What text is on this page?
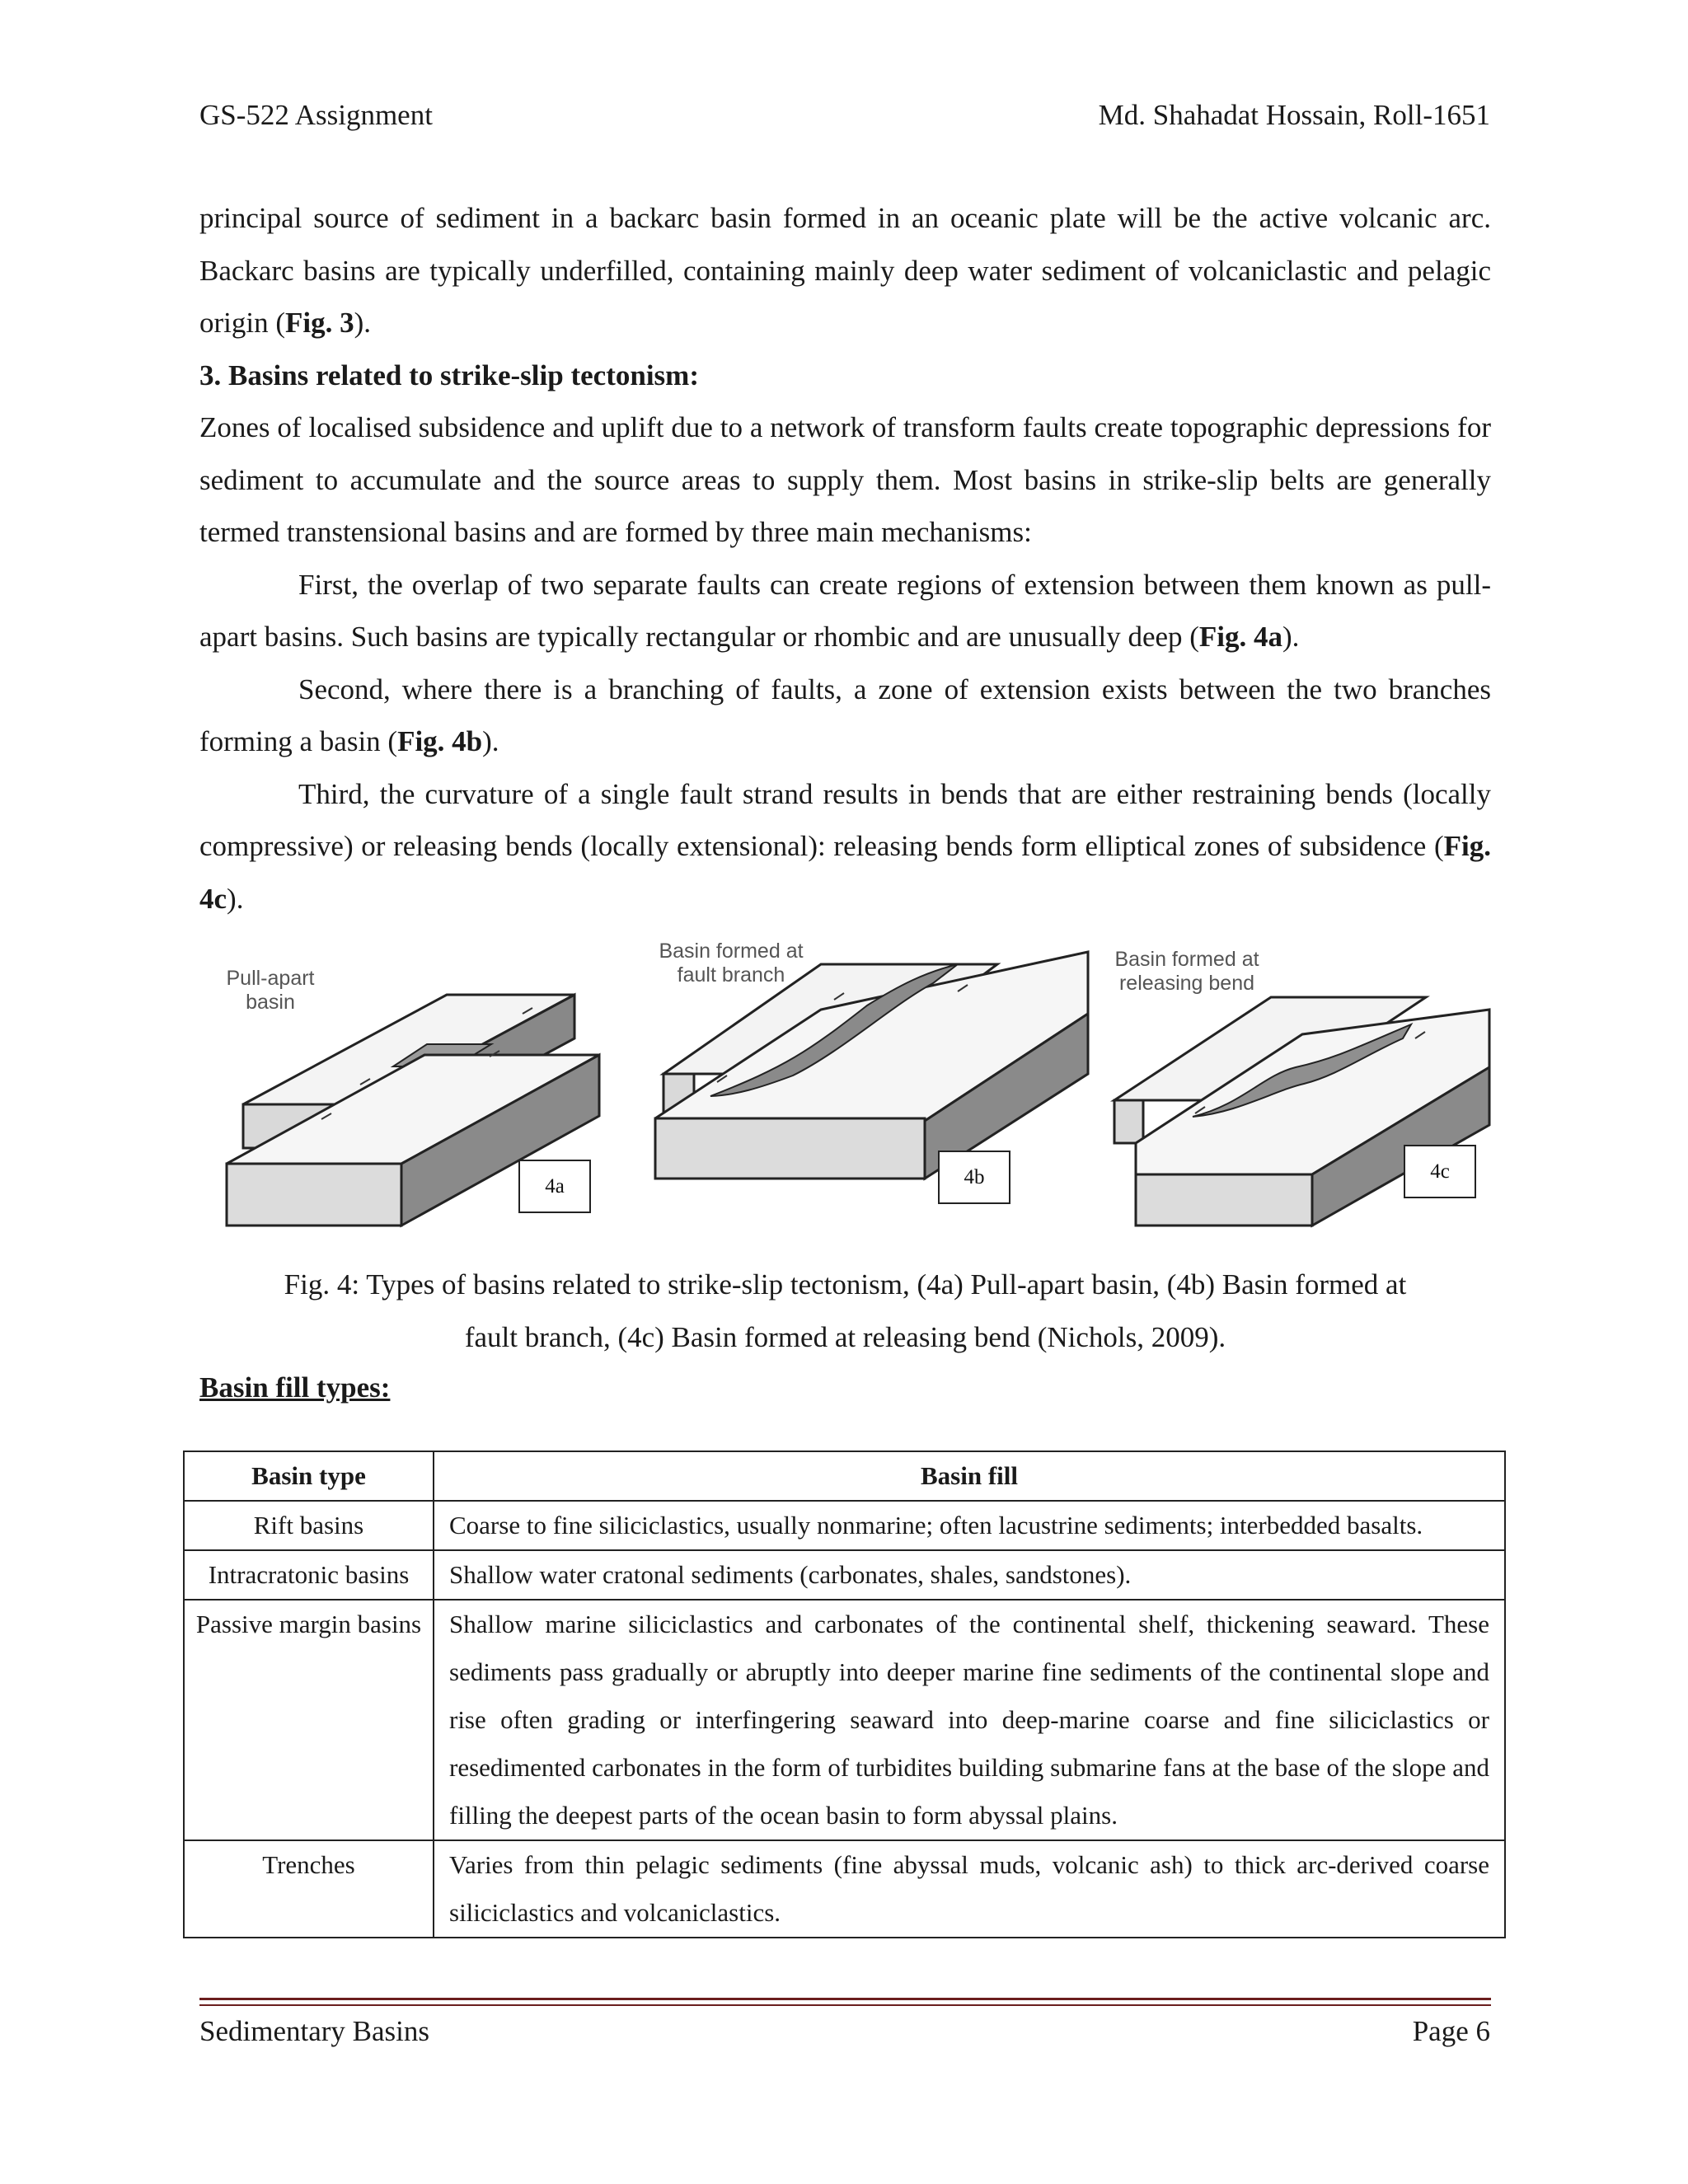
GS-522 Assignment	Md. Shahadat Hossain, Roll-1651

principal source of sediment in a backarc basin formed in an oceanic plate will be the active volcanic arc. Backarc basins are typically underfilled, containing mainly deep water sediment of volcaniclastic and pelagic origin (Fig. 3).

3. Basins related to strike-slip tectonism:

Zones of localised subsidence and uplift due to a network of transform faults create topographic depressions for sediment to accumulate and the source areas to supply them. Most basins in strike-slip belts are generally termed transtensional basins and are formed by three main mechanisms:

First, the overlap of two separate faults can create regions of extension between them known as pull-apart basins. Such basins are typically rectangular or rhombic and are unusually deep (Fig. 4a).

Second, where there is a branching of faults, a zone of extension exists between the two branches forming a basin (Fig. 4b).

Third, the curvature of a single fault strand results in bends that are either restraining bends (locally compressive) or releasing bends (locally extensional): releasing bends form elliptical zones of subsidence (Fig. 4c).

Pull-apart
basin
4a
Basin formed at
fault branch
4b
Basin formed at
releasing bend
4c
Fig. 4: Types of basins related to strike-slip tectonism, (4a) Pull-apart basin, (4b) Basin formed at
fault branch, (4c) Basin formed at releasing bend (Nichols, 2009).
Basin fill types:
Basin type	Basin fill
Rift basins	Coarse to fine siliciclastics, usually nonmarine; often lacustrine sediments; interbedded basalts.
Intracratonic basins	Shallow water cratonal sediments (carbonates, shales, sandstones).
Passive margin basins	Shallow marine siliciclastics and carbonates of the continental shelf, thickening seaward. These sediments pass gradually or abruptly into deeper marine fine sediments of the continental slope and rise often grading or interfingering seaward into deep-marine coarse and fine siliciclastics or resedimented carbonates in the form of turbidites building submarine fans at the base of the slope and filling the deepest parts of the ocean basin to form abyssal plains.
Trenches	Varies from thin pelagic sediments (fine abyssal muds, volcanic ash) to thick arc-derived coarse siliciclastics and volcaniclastics.
Sedimentary Basins	Page 6
